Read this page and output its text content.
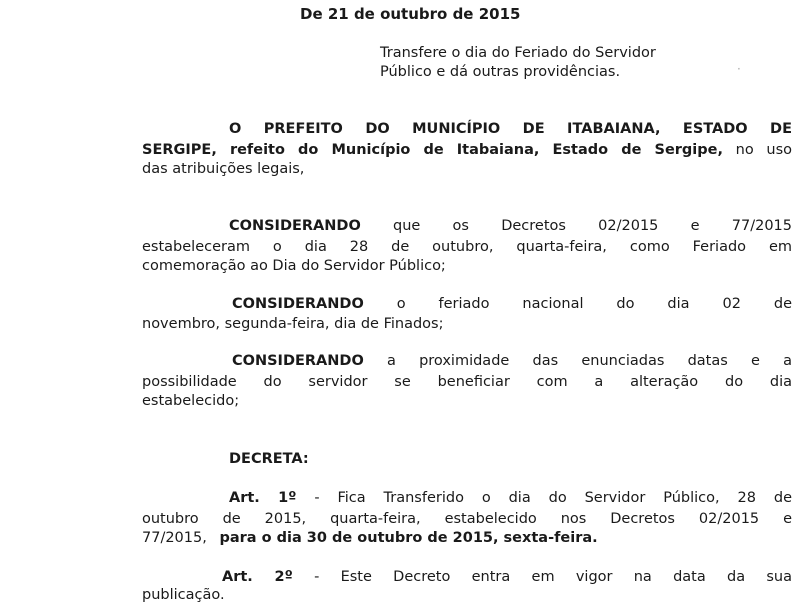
De 21 de outubro de 2015
Transfere o dia do Feriado do Servidor
Público e dá outras providências.	·
O PREFEITO DO MUNICÍPIO DE ITABAIANA, ESTADO DE
SERGIPE, refeito do Município de Itabaiana, Estado de Sergipe, no uso
das atribuições legais,
CONSIDERANDO que os Decretos 02/2015 e 77/2015
estabeleceram o dia 28 de outubro, quarta-feira, como Feriado em
comemoração ao Dia do Servidor Público;
CONSIDERANDO o feriado nacional do dia 02 de
novembro, segunda-feira, dia de Finados;
CONSIDERANDO a proximidade das enunciadas datas e a
possibilidade do servidor se beneficiar com a alteração do dia
estabelecido;
DECRETA:
Art. 1º - Fica Transferido o dia do Servidor Público, 28 de
outubro de 2015, quarta-feira, estabelecido nos Decretos 02/2015 e
77/2015, para o dia 30 de outubro de 2015, sexta-feira.
Art. 2º - Este Decreto entra em vigor na data da sua
publicação.
